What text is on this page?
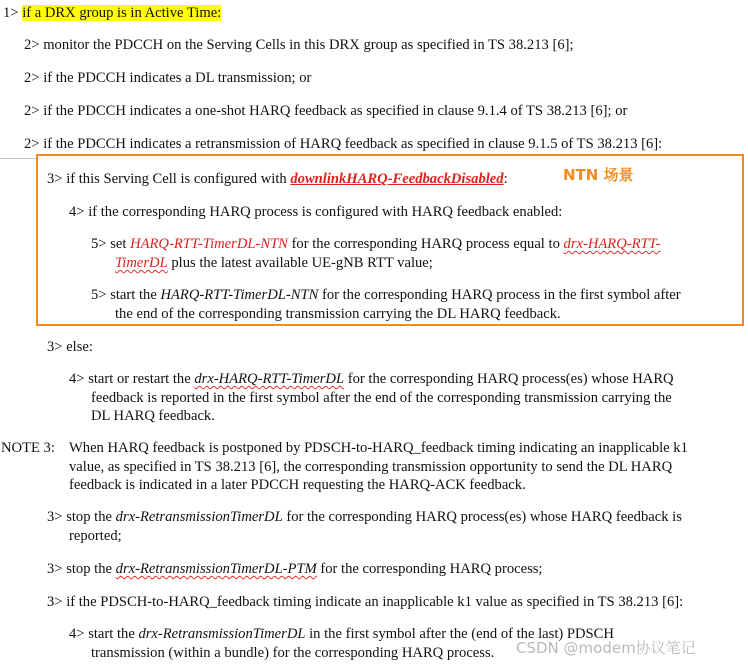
1> if a DRX group is in Active Time:
2> monitor the PDCCH on the Serving Cells in this DRX group as specified in TS 38.213 [6];
2> if the PDCCH indicates a DL transmission; or
2> if the PDCCH indicates a one-shot HARQ feedback as specified in clause 9.1.4 of TS 38.213 [6]; or
2> if the PDCCH indicates a retransmission of HARQ feedback as specified in clause 9.1.5 of TS 38.213 [6]:
NTN 场景
3> if this Serving Cell is configured with downlinkHARQ-FeedbackDisabled:
4> if the corresponding HARQ process is configured with HARQ feedback enabled:
5> set HARQ-RTT-TimerDL-NTN for the corresponding HARQ process equal to drx-HARQ-RTT-
TimerDL plus the latest available UE-gNB RTT value;
5> start the HARQ-RTT-TimerDL-NTN for the corresponding HARQ process in the first symbol after
the end of the corresponding transmission carrying the DL HARQ feedback.
3> else:
4> start or restart the drx-HARQ-RTT-TimerDL for the corresponding HARQ process(es) whose HARQ
feedback is reported in the first symbol after the end of the corresponding transmission carrying the
DL HARQ feedback.
NOTE 3: When HARQ feedback is postponed by PDSCH-to-HARQ_feedback timing indicating an inapplicable k1
value, as specified in TS 38.213 [6], the corresponding transmission opportunity to send the DL HARQ
feedback is indicated in a later PDCCH requesting the HARQ-ACK feedback.
3> stop the drx-RetransmissionTimerDL for the corresponding HARQ process(es) whose HARQ feedback is
reported;
3> stop the drx-RetransmissionTimerDL-PTM for the corresponding HARQ process;
3> if the PDSCH-to-HARQ_feedback timing indicate an inapplicable k1 value as specified in TS 38.213 [6]:
4> start the drx-RetransmissionTimerDL in the first symbol after the (end of the last) PDSCH
transmission (within a bundle) for the corresponding HARQ process. CSDN @modem协议笔记
